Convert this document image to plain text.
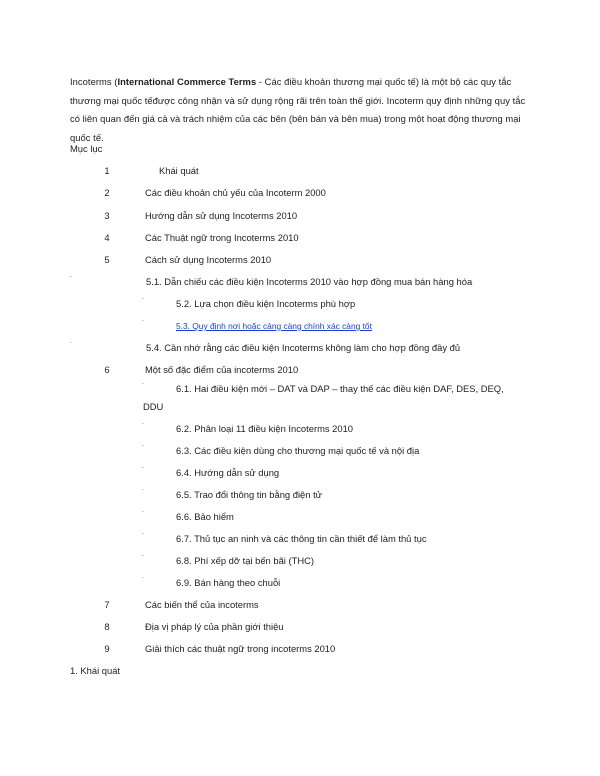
Incoterms (International Commerce Terms - Các điều khoản thương mại quốc tế) là một bộ các quy tắc thương mại quốc tếđược công nhận và sử dụng rộng rãi trên toàn thế giới. Incoterm quy định những quy tắc có liên quan đến giá cả và trách nhiệm của các bên (bên bán và bên mua) trong một hoạt động thương mại quốc tế.
Mục lục
1	Khái quát
2	Các điều khoản chủ yếu của Incoterm 2000
3	Hướng dẫn sử dụng Incoterms 2010
4	Các Thuật ngữ trong Incoterms 2010
5	Cách sử dụng Incoterms 2010
¨	5.1. Dẫn chiếu các điều kiện Incoterms 2010 vào hợp đồng mua bán hàng hóa
¨	5.2. Lựa chọn điều kiện Incoterms phù hợp
¨	5.3. Quy định nơi hoặc cảng càng chính xác càng tốt
¨	5.4. Cần nhớ rằng các điều kiện Incoterms không làm cho hợp đồng đầy đủ
6	Một số đặc điểm của incoterms 2010
¨	6.1. Hai điều kiện mới – DAT và DAP – thay thế các điều kiện DAF, DES, DEQ,
DDU
¨	6.2. Phân loại 11 điều kiện Incoterms 2010
¨	6.3. Các điều kiện dùng cho thương mại quốc tế và nội địa
¨	6.4. Hướng dẫn sử dụng
¨	6.5. Trao đổi thông tin bằng điện tử
¨	6.6. Bảo hiểm
¨	6.7. Thủ tục an ninh và các thông tin cần thiết để làm thủ tục
¨	6.8. Phí xếp dỡ tại bến bãi (THC)
¨	6.9. Bán hàng theo chuỗi
7	Các biến thể của incoterms
8	Địa vị pháp lý của phần giới thiệu
9	Giải thích các thuật ngữ trong incoterms 2010
1. Khái quát
